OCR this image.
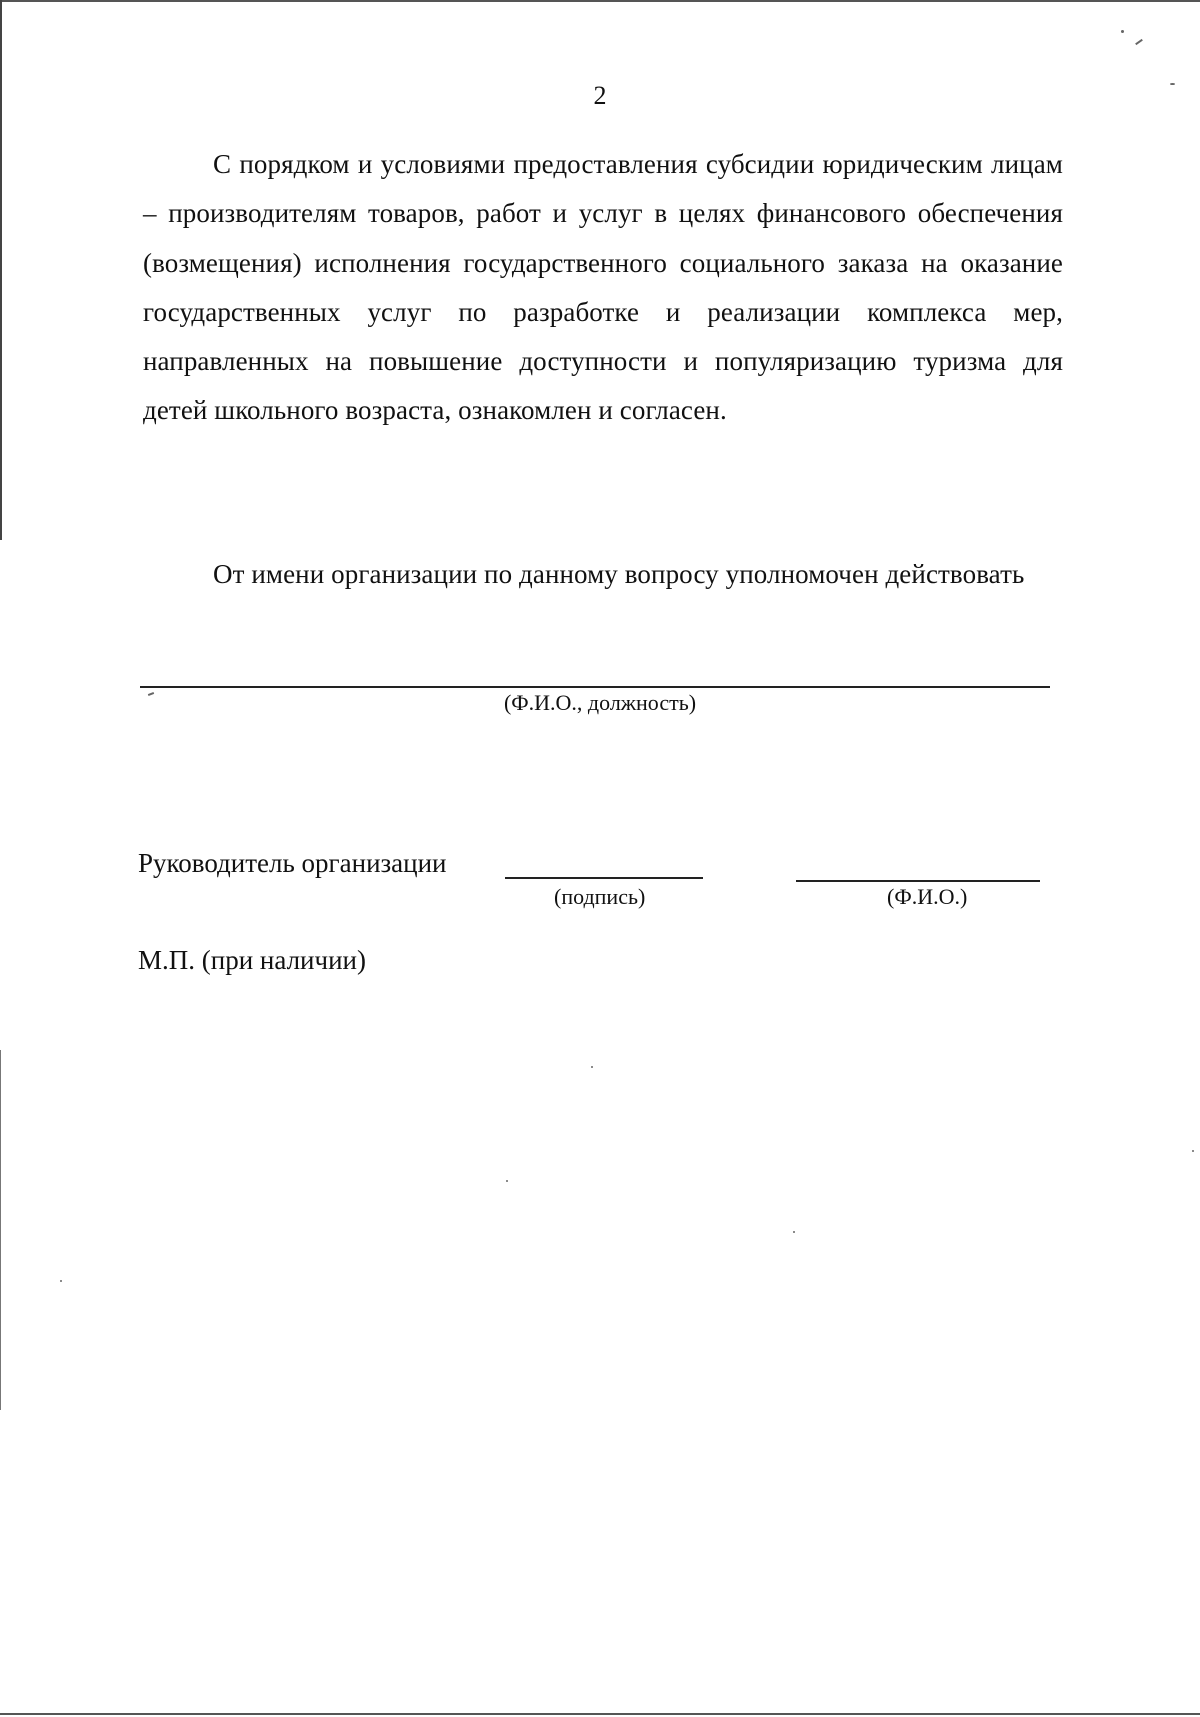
2

С порядком и условиями предоставления субсидии юридическим лицам – производителям товаров, работ и услуг в целях финансового обеспечения (возмещения) исполнения государственного социального заказа на оказание государственных услуг по разработке и реализации комплекса мер, направленных на повышение доступности и популяризацию туризма для детей школьного возраста, ознакомлен и согласен.

От имени организации по данному вопросу уполномочен действовать

(Ф.И.О., должность)
Руководитель организации
(подпись)	(Ф.И.О.)
М.П. (при наличии)
